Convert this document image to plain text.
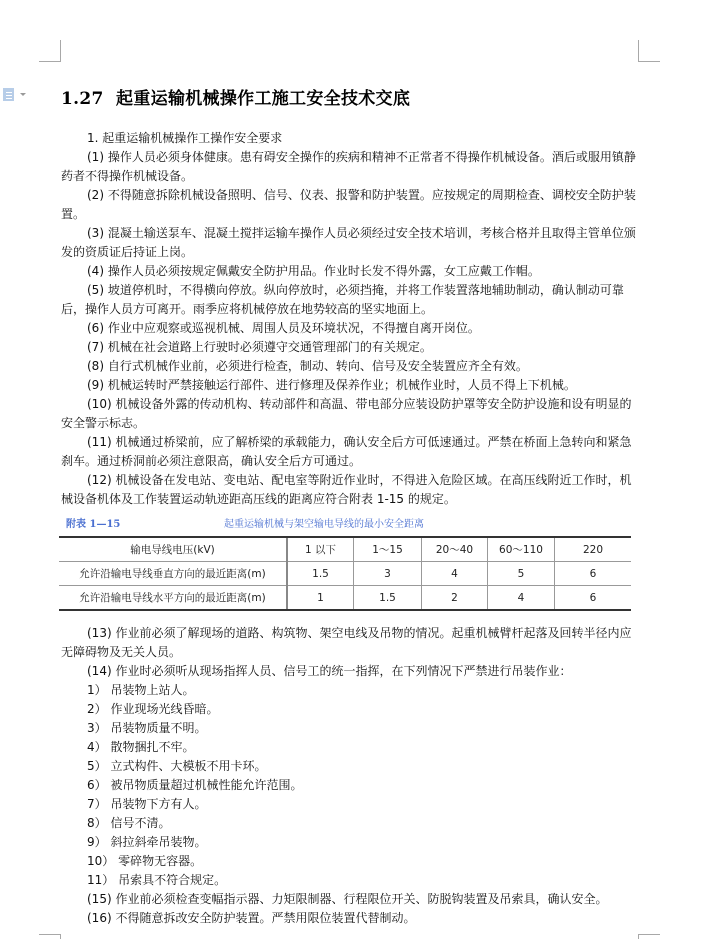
1.27 起重运输机械操作工施工安全技术交底

1. 起重运输机械操作工操作安全要求

(1) 操作人员必须身体健康。患有碍安全操作的疾病和精神不正常者不得操作机械设备。酒后或服用镇静药者不得操作机械设备。

(2) 不得随意拆除机械设备照明、信号、仪表、报警和防护装置。应按规定的周期检查、调校安全防护装置。

(3) 混凝土输送泵车、混凝土搅拌运输车操作人员必须经过安全技术培训，考核合格并且取得主管单位颁发的资质证后持证上岗。

(4) 操作人员必须按规定佩戴安全防护用品。作业时长发不得外露，女工应戴工作帽。

(5) 坡道停机时，不得横向停放。纵向停放时，必须挡掩，并将工作装置落地辅助制动，确认制动可靠后，操作人员方可离开。雨季应将机械停放在地势较高的坚实地面上。

(6) 作业中应观察或巡视机械、周围人员及环境状况，不得擅自离开岗位。

(7) 机械在社会道路上行驶时必须遵守交通管理部门的有关规定。

(8) 自行式机械作业前，必须进行检查，制动、转向、信号及安全装置应齐全有效。

(9) 机械运转时严禁接触运行部件、进行修理及保养作业；机械作业时，人员不得上下机械。

(10) 机械设备外露的传动机构、转动部件和高温、带电部分应装设防护罩等安全防护设施和设有明显的安全警示标志。

(11) 机械通过桥梁前，应了解桥梁的承载能力，确认安全后方可低速通过。严禁在桥面上急转向和紧急刹车。通过桥洞前必须注意限高，确认安全后方可通过。

(12) 机械设备在发电站、变电站、配电室等附近作业时，不得进入危险区域。在高压线附近工作时，机械设备机体及工作装置运动轨迹距高压线的距离应符合附表 1-15 的规定。

附表 1—15	起重运输机械与架空输电导线的最小安全距离
输电导线电压(kV)	1 以下	1～15	20～40	60～110	220
允许沿输电导线垂直方向的最近距离(m)	1.5	3	4	5	6
允许沿输电导线水平方向的最近距离(m)	1	1.5	2	4	6

(13) 作业前必须了解现场的道路、构筑物、架空电线及吊物的情况。起重机械臂杆起落及回转半径内应无障碍物及无关人员。

(14) 作业时必须听从现场指挥人员、信号工的统一指挥，在下列情况下严禁进行吊装作业：

1） 吊装物上站人。

2） 作业现场光线昏暗。

3） 吊装物质量不明。

4） 散物捆扎不牢。

5） 立式构件、大模板不用卡环。

6） 被吊物质量超过机械性能允许范围。

7） 吊装物下方有人。

8） 信号不清。

9） 斜拉斜牵吊装物。

10） 零碎物无容器。

11） 吊索具不符合规定。

(15) 作业前必须检查变幅指示器、力矩限制器、行程限位开关、防脱钩装置及吊索具，确认安全。

(16) 不得随意拆改安全防护装置。严禁用限位装置代替制动。
